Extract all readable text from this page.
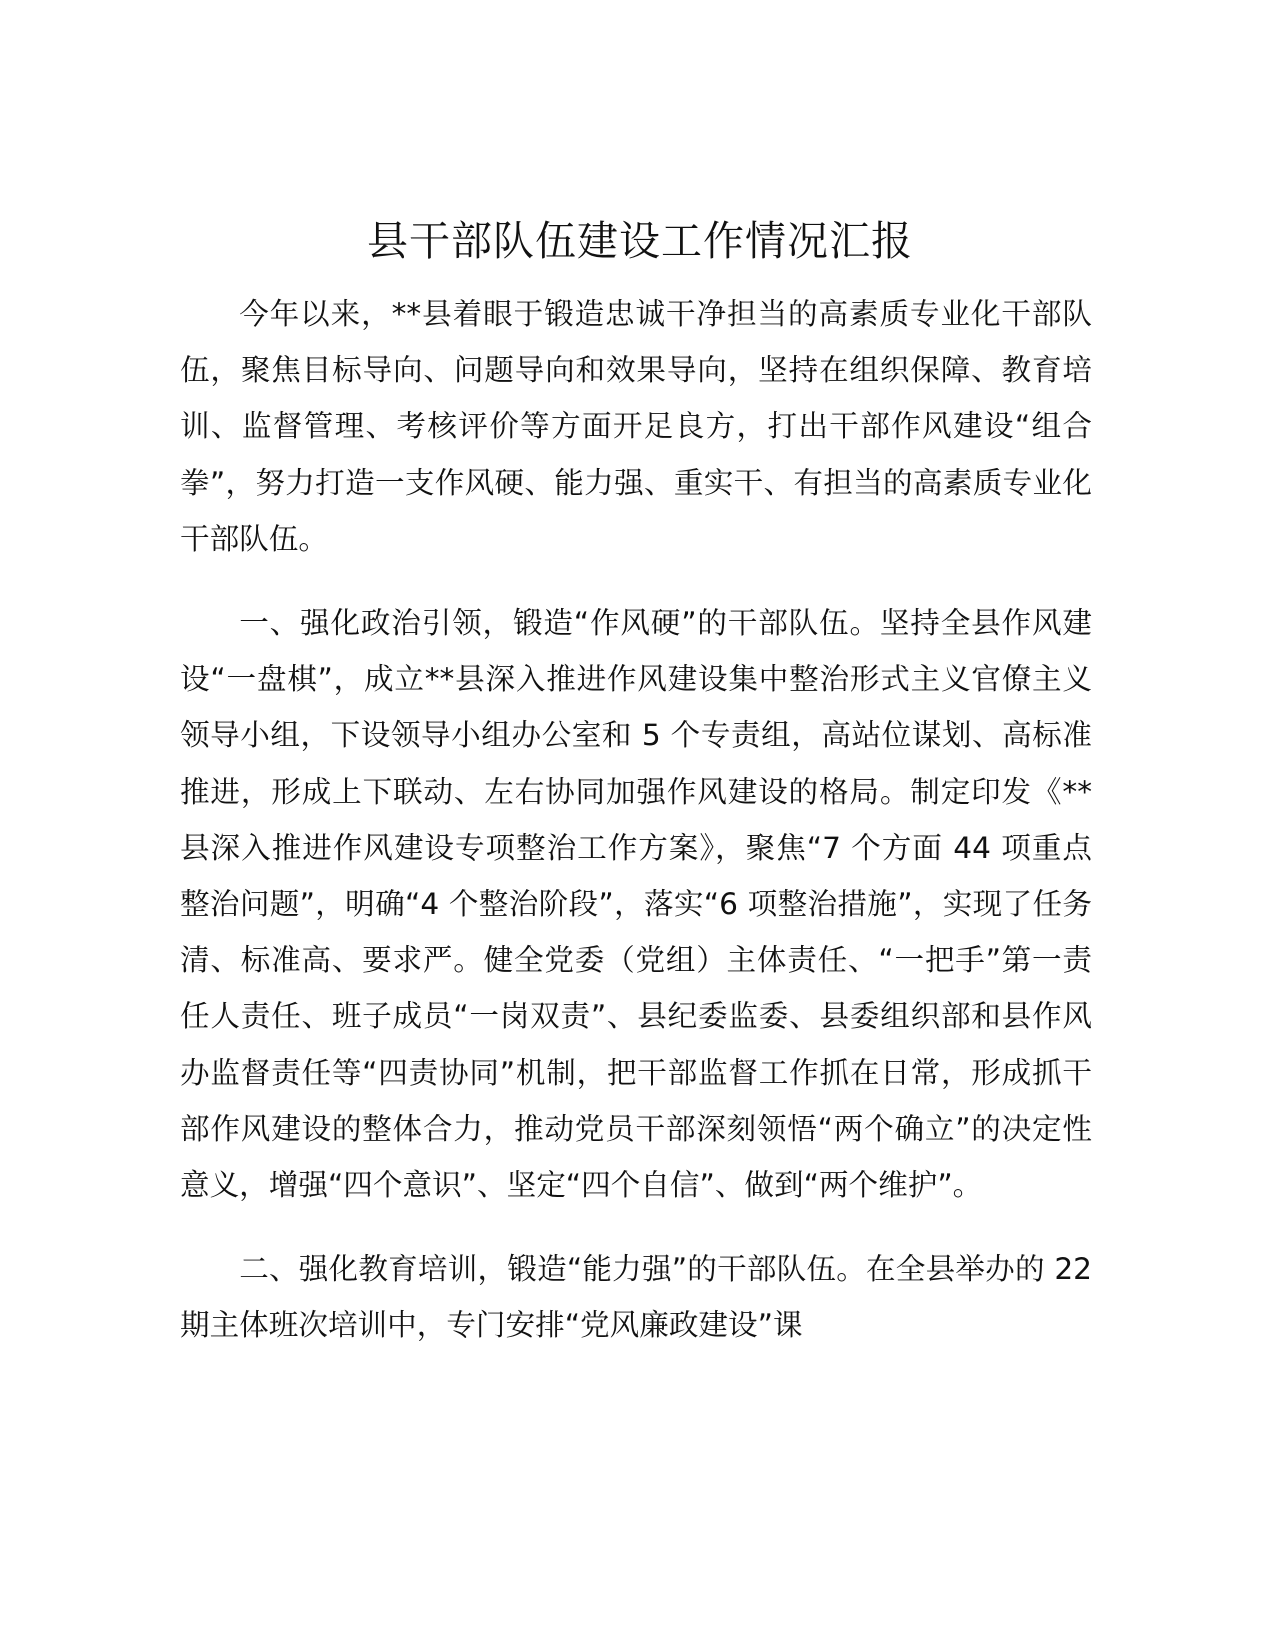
县干部队伍建设工作情况汇报

今年以来，**县着眼于锻造忠诚干净担当的高素质专业化干部队伍，聚焦目标导向、问题导向和效果导向，坚持在组织保障、教育培训、监督管理、考核评价等方面开足良方，打出干部作风建设“组合拳”，努力打造一支作风硬、能力强、重实干、有担当的高素质专业化干部队伍。

一、强化政治引领，锻造“作风硬”的干部队伍。坚持全县作风建设“一盘棋”，成立**县深入推进作风建设集中整治形式主义官僚主义领导小组，下设领导小组办公室和 5 个专责组，高站位谋划、高标准推进，形成上下联动、左右协同加强作风建设的格局。制定印发《**县深入推进作风建设专项整治工作方案》，聚焦“7 个方面 44 项重点整治问题”，明确“4 个整治阶段”，落实“6 项整治措施”，实现了任务清、标准高、要求严。健全党委（党组）主体责任、“一把手”第一责任人责任、班子成员“一岗双责”、县纪委监委、县委组织部和县作风办监督责任等“四责协同”机制，把干部监督工作抓在日常，形成抓干部作风建设的整体合力，推动党员干部深刻领悟“两个确立”的决定性意义，增强“四个意识”、坚定“四个自信”、做到“两个维护”。

二、强化教育培训，锻造“能力强”的干部队伍。在全县举办的 22 期主体班次培训中，专门安排“党风廉政建设”课
